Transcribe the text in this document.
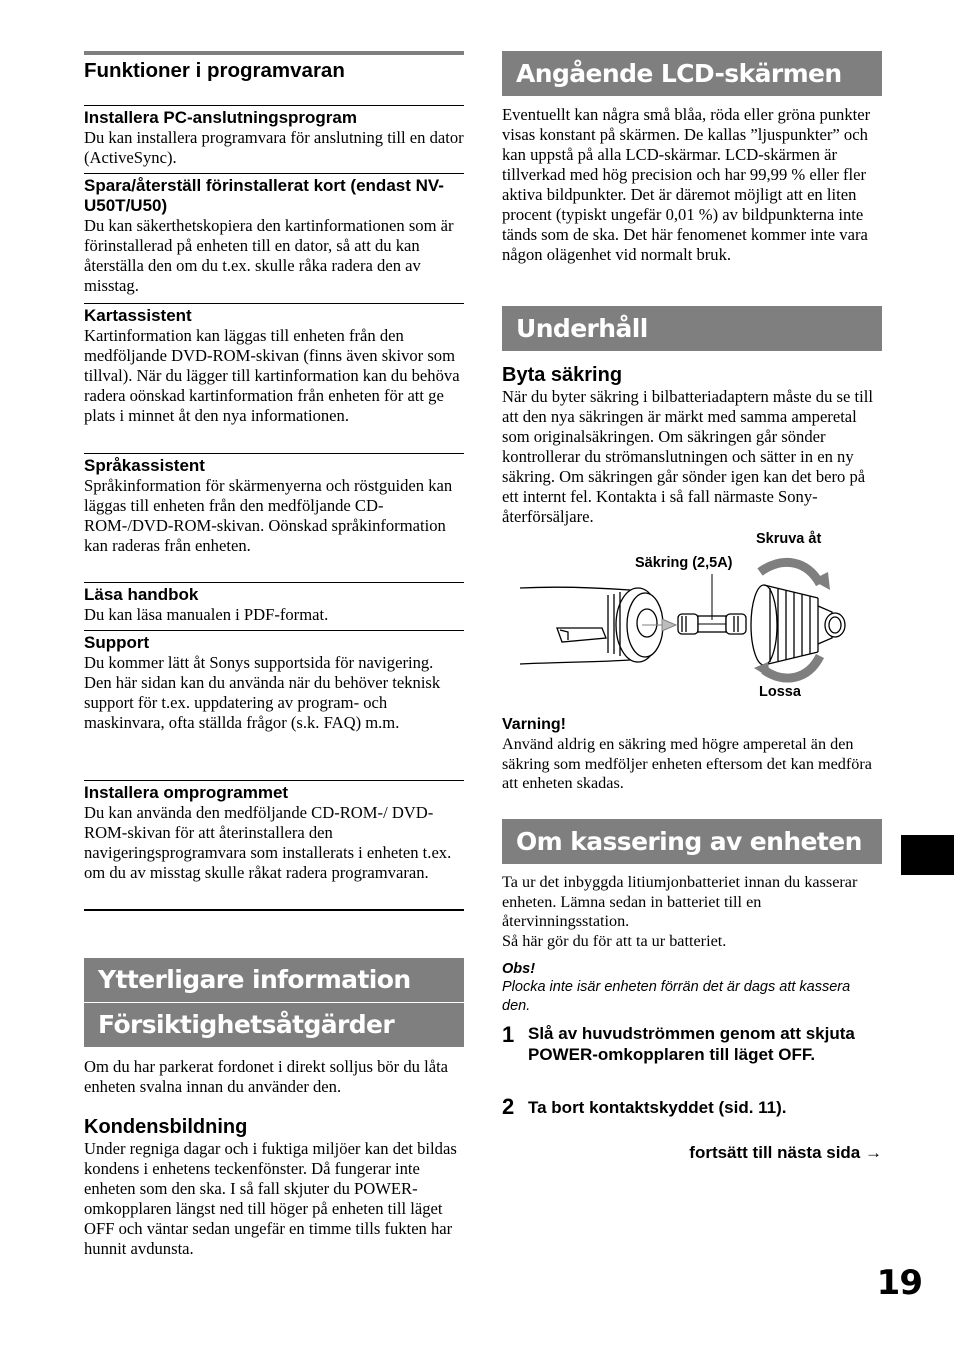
Funktioner i programvaran
Installera PC-anslutningsprogram

Du kan installera programvara för anslutning till en dator (ActiveSync).

Spara/återställ förinstallerat kort (endast NV-U50T/U50)

Du kan säkerthetskopiera den kartinformationen som är förinstallerad på enheten till en dator, så att du kan återställa den om du t.ex. skulle råka radera den av misstag.

Kartassistent

Kartinformation kan läggas till enheten från den medföljande DVD-ROM-skivan (finns även skivor som tillval). När du lägger till kartinformation kan du behöva radera oönskad kartinformation från enheten för att ge plats i minnet åt den nya informationen.

Språkassistent

Språkinformation för skärmenyerna och röstguiden kan läggas till enheten från den medföljande CD-ROM-/DVD-ROM-skivan. Oönskad språkinformation kan raderas från enheten.

Läsa handbok

Du kan läsa manualen i PDF-format.

Support

Du kommer lätt åt Sonys supportsida för navigering.

Den här sidan kan du använda när du behöver teknisk support för t.ex. uppdatering av program- och maskinvara, ofta ställda frågor (s.k. FAQ) m.m.

Installera omprogrammet

Du kan använda den medföljande CD-ROM-/ DVD-ROM-skivan för att återinstallera den navigeringsprogramvara som installerats i enheten t.ex. om du av misstag skulle råkat radera programvaran.

Ytterligare information
Försiktighetsåtgärder

Om du har parkerat fordonet i direkt solljus bör du låta enheten svalna innan du använder den.

Kondensbildning

Under regniga dagar och i fuktiga miljöer kan det bildas kondens i enhetens teckenfönster. Då fungerar inte enheten som den ska. I så fall skjuter du POWER-omkopplaren längst ned till höger på enheten till läget OFF och väntar sedan ungefär en timme tills fukten har hunnit avdunsta.

Angående LCD-skärmen

Eventuellt kan några små blåa, röda eller gröna punkter visas konstant på skärmen. De kallas ”ljuspunkter” och kan uppstå på alla LCD-skärmar. LCD-skärmen är tillverkad med hög precision och har 99,99 % eller fler aktiva bildpunkter. Det är däremot möjligt att en liten procent (typiskt ungefär 0,01 %) av bildpunkterna inte tänds som de ska. Det här fenomenet kommer inte vara någon olägenhet vid normalt bruk.

Underhåll
Byta säkring

När du byter säkring i bilbatteriadaptern måste du se till att den nya säkringen är märkt med samma amperetal som originalsäkringen. Om säkringen går sönder kontrollerar du strömanslutningen och sätter in en ny säkring. Om säkringen går sönder igen kan det bero på ett internt fel. Kontakta i så fall närmaste Sony-återförsäljare.

Skruva åt
Säkring (2,5A)
Lossa
Varning!

Använd aldrig en säkring med högre amperetal än den säkring som medföljer enheten eftersom det kan medföra att enheten skadas.

Om kassering av enheten

Ta ur det inbyggda litiumjonbatteriet innan du kasserar enheten. Lämna sedan in batteriet till en återvinningsstation.

Så här gör du för att ta ur batteriet.

Obs!

Plocka inte isär enheten förrän det är dags att kassera den.

1 Slå av huvudströmmen genom att skjuta POWER-omkopplaren till läget OFF.
2 Ta bort kontaktskyddet (sid. 11).
fortsätt till nästa sida →
19
